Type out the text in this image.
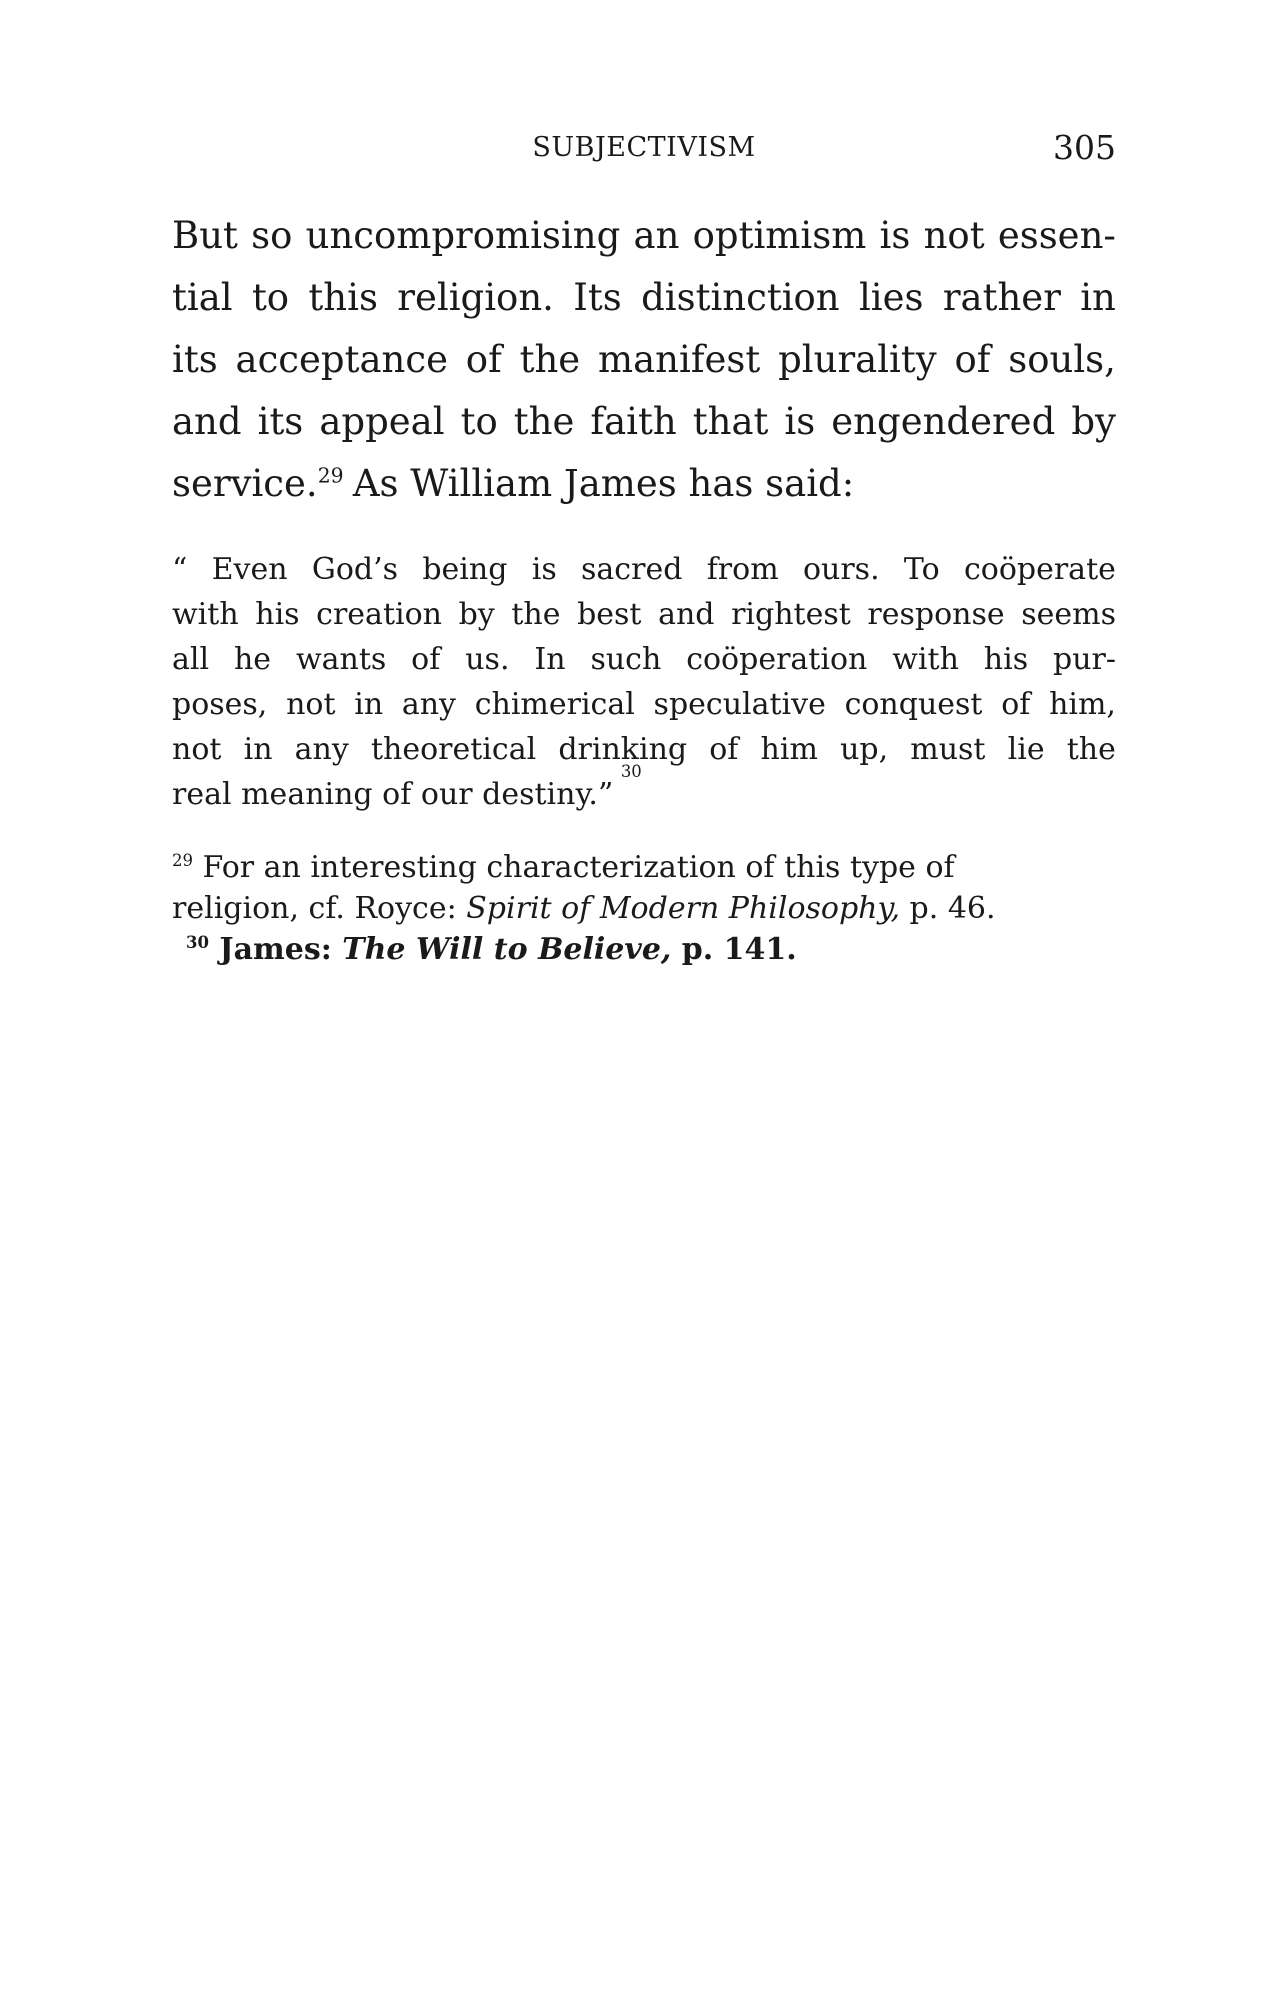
SUBJECTIVISM	305
But so uncompromising an optimism is not essen-
tial to this religion. Its distinction lies rather in
its acceptance of the manifest plurality of souls,
and its appeal to the faith that is engendered by
service.$^{29}$ As William James has said:
“ Even God’s being is sacred from ours. To coöperate
with his creation by the best and rightest response seems
all he wants of us. In such coöperation with his pur-
poses, not in any chimerical speculative conquest of him,
not in any theoretical drinking of him up, must lie the
real meaning of our destiny.”
30
$^{29}$ For an interesting characterization of this type of
religion, cf. Royce: Spirit of Modern Philosophy, p. 46.
$^{30}$ James: The Will to Believe, p. 141.
